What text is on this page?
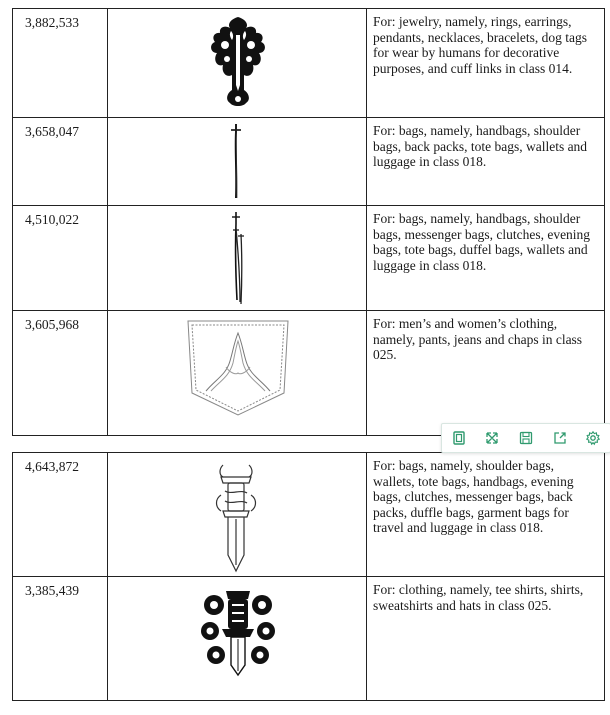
3,882,533		For: jewelry, namely, rings, earrings, pendants, necklaces, bracelets, dog tags for wear by humans for decorative purposes, and cuff links in class 014.

3,658,047		For: bags, namely, handbags, shoulder bags, back packs, tote bags, wallets and luggage in class 018.

4,510,022		For: bags, namely, handbags, shoulder bags, messenger bags, clutches, evening bags, tote bags, duffel bags, wallets and luggage in class 018.

3,605,968		For: men’s and women’s clothing, namely, pants, jeans and chaps in class 025.
4,643,872		For: bags, namely, shoulder bags, wallets, tote bags, handbags, evening bags, clutches, messenger bags, back packs, duffle bags, garment bags for travel and luggage in class 018.

3,385,439		For: clothing, namely, tee shirts, shirts, sweatshirts and hats in class 025.
